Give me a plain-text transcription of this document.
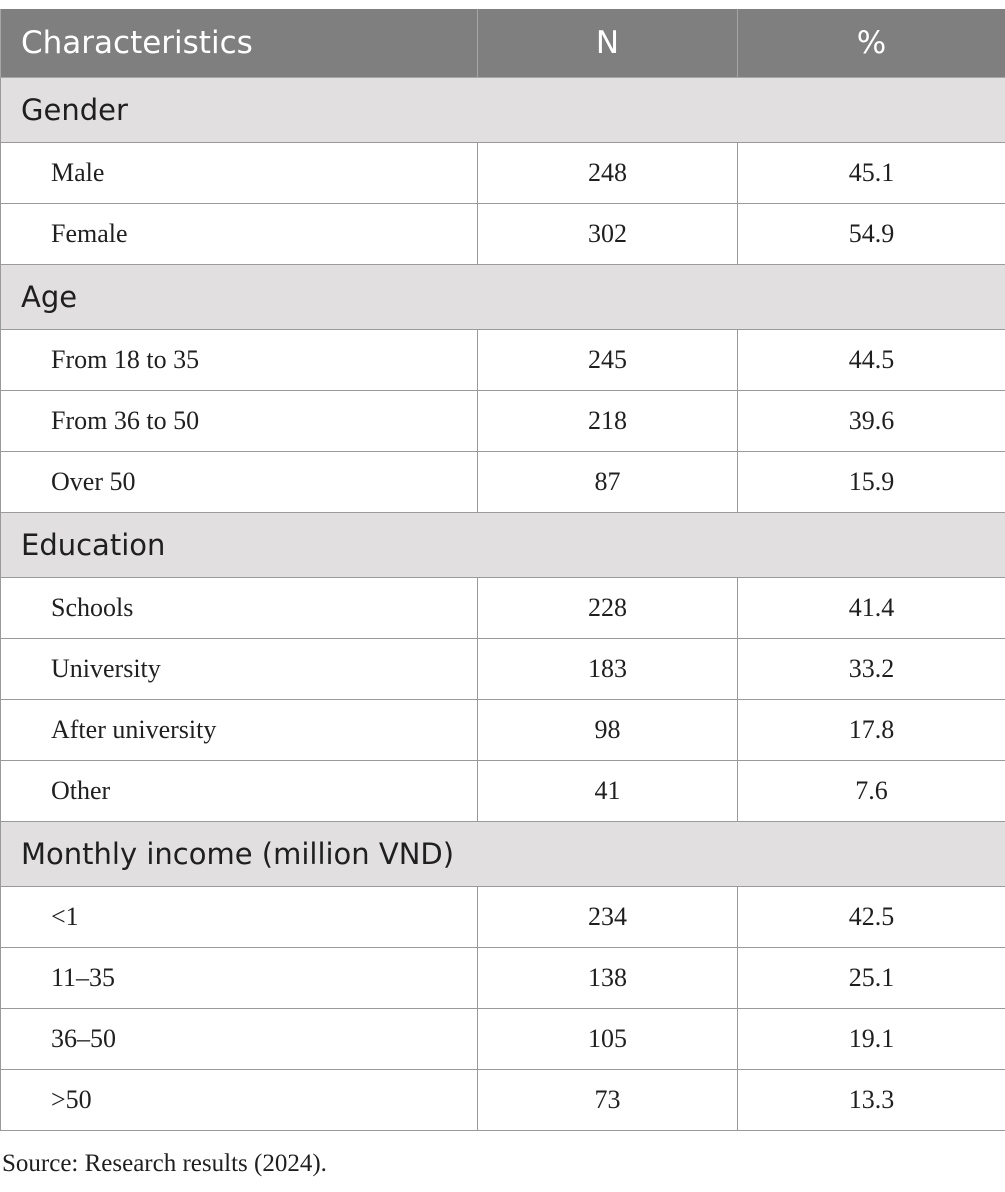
Characteristics	N	%
Gender		
Male	248	45.1
Female	302	54.9
Age		
From 18 to 35	245	44.5
From 36 to 50	218	39.6
Over 50	87	15.9
Education		
Schools	228	41.4
University	183	33.2
After university	98	17.8
Other	41	7.6
Monthly income (million VND)		
<1	234	42.5
11–35	138	25.1
36–50	105	19.1
>50	73	13.3
Source: Research results (2024).
